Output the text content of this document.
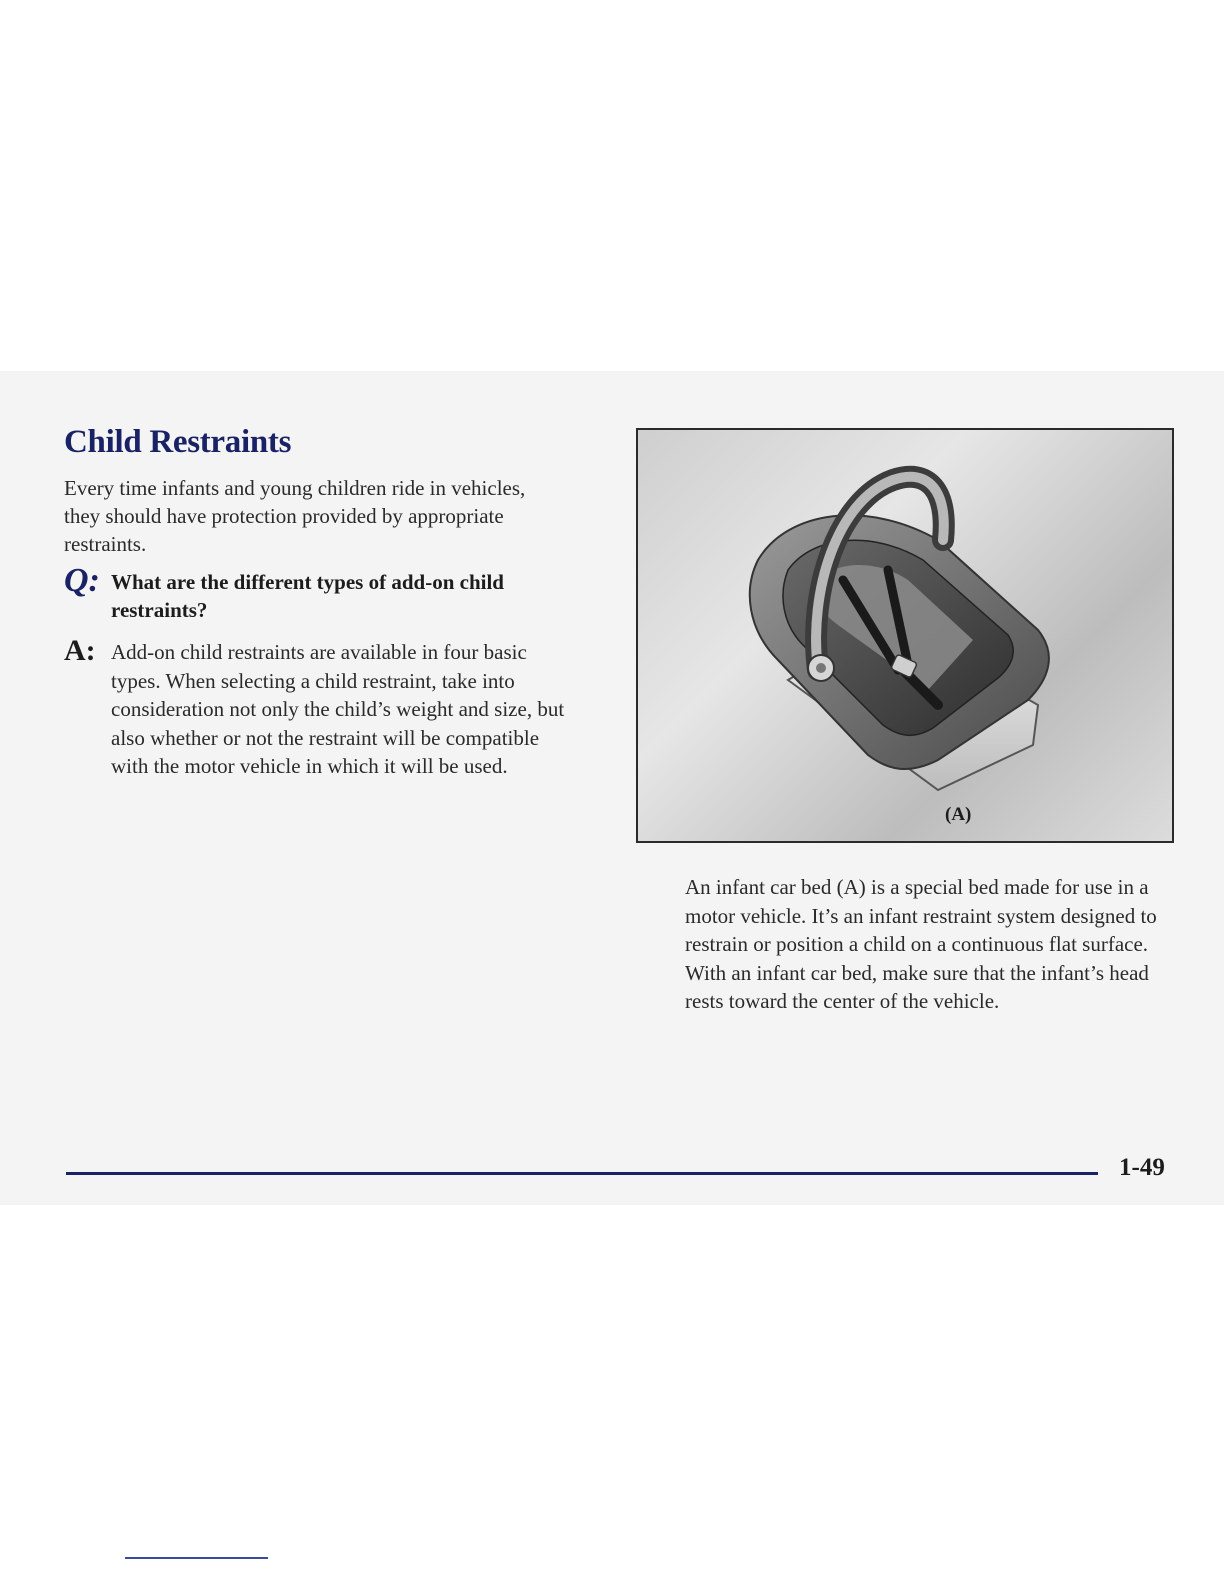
Child Restraints

Every time infants and young children ride in vehicles, they should have protection provided by appropriate restraints.

Q: What are the different types of add-on child restraints?

A: Add-on child restraints are available in four basic types. When selecting a child restraint, take into consideration not only the child’s weight and size, but also whether or not the restraint will be compatible with the motor vehicle in which it will be used.

(A)

An infant car bed (A) is a special bed made for use in a motor vehicle. It’s an infant restraint system designed to restrain or position a child on a continuous flat surface. With an infant car bed, make sure that the infant’s head rests toward the center of the vehicle.

1-49
